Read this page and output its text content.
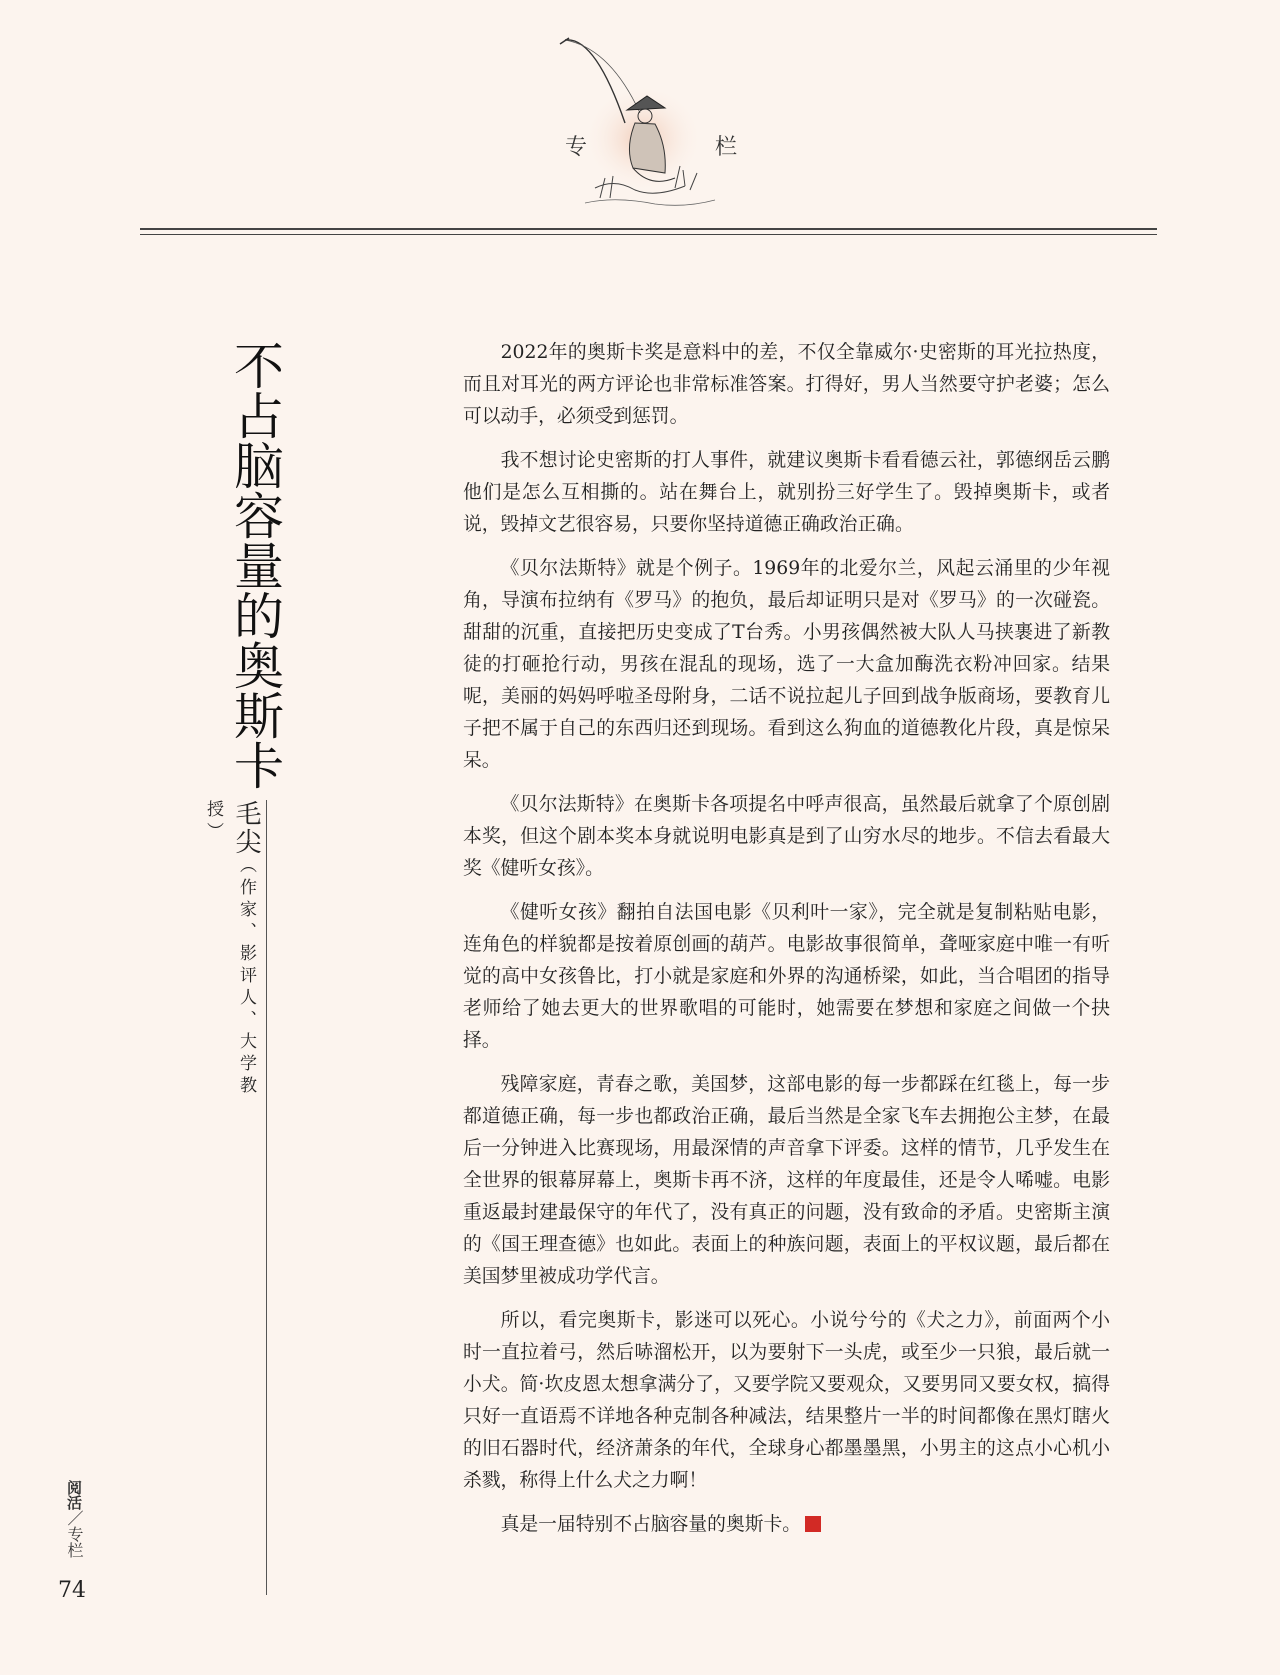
专	栏
不占脑容量的奥斯卡
毛尖（作家、影评人、大学教授）

2022年的奥斯卡奖是意料中的差，不仅全靠威尔·史密斯的耳光拉热度，而且对耳光的两方评论也非常标准答案。打得好，男人当然要守护老婆；怎么可以动手，必须受到惩罚。

我不想讨论史密斯的打人事件，就建议奥斯卡看看德云社，郭德纲岳云鹏他们是怎么互相撕的。站在舞台上，就别扮三好学生了。毁掉奥斯卡，或者说，毁掉文艺很容易，只要你坚持道德正确政治正确。

《贝尔法斯特》就是个例子。1969年的北爱尔兰，风起云涌里的少年视角，导演布拉纳有《罗马》的抱负，最后却证明只是对《罗马》的一次碰瓷。甜甜的沉重，直接把历史变成了T台秀。小男孩偶然被大队人马挟裹进了新教徒的打砸抢行动，男孩在混乱的现场，选了一大盒加酶洗衣粉冲回家。结果呢，美丽的妈妈呼啦圣母附身，二话不说拉起儿子回到战争版商场，要教育儿子把不属于自己的东西归还到现场。看到这么狗血的道德教化片段，真是惊呆呆。

《贝尔法斯特》在奥斯卡各项提名中呼声很高，虽然最后就拿了个原创剧本奖，但这个剧本奖本身就说明电影真是到了山穷水尽的地步。不信去看最大奖《健听女孩》。

《健听女孩》翻拍自法国电影《贝利叶一家》，完全就是复制粘贴电影，连角色的样貌都是按着原创画的葫芦。电影故事很简单，聋哑家庭中唯一有听觉的高中女孩鲁比，打小就是家庭和外界的沟通桥梁，如此，当合唱团的指导老师给了她去更大的世界歌唱的可能时，她需要在梦想和家庭之间做一个抉择。

残障家庭，青春之歌，美国梦，这部电影的每一步都踩在红毯上，每一步都道德正确，每一步也都政治正确，最后当然是全家飞车去拥抱公主梦，在最后一分钟进入比赛现场，用最深情的声音拿下评委。这样的情节，几乎发生在全世界的银幕屏幕上，奥斯卡再不济，这样的年度最佳，还是令人唏嘘。电影重返最封建最保守的年代了，没有真正的问题，没有致命的矛盾。史密斯主演的《国王理查德》也如此。表面上的种族问题，表面上的平权议题，最后都在美国梦里被成功学代言。

所以，看完奥斯卡，影迷可以死心。小说兮兮的《犬之力》，前面两个小时一直拉着弓，然后哧溜松开，以为要射下一头虎，或至少一只狼，最后就一小犬。简·坎皮恩太想拿满分了，又要学院又要观众，又要男同又要女权，搞得只好一直语焉不详地各种克制各种减法，结果整片一半的时间都像在黑灯瞎火的旧石器时代，经济萧条的年代，全球身心都墨墨黑，小男主的这点小心机小杀戮，称得上什么犬之力啊！

真是一届特别不占脑容量的奥斯卡。

阅活／专栏
74
